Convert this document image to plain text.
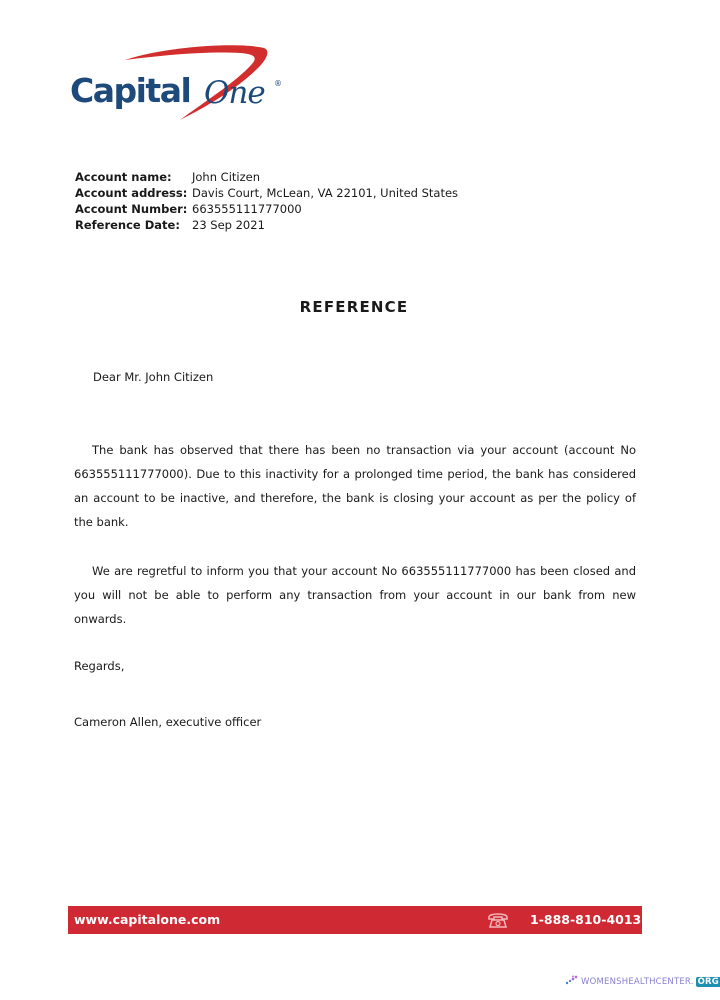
Capital One ®
Account name:	John Citizen
Account address: Davis Court, McLean, VA 22101, United States
Account Number: 663555111777000
Reference Date:	23 Sep 2021
REFERENCE
Dear Mr. John Citizen
The bank has observed that there has been no transaction via your account (account No 663555111777000). Due to this inactivity for a prolonged time period, the bank has considered an account to be inactive, and therefore, the bank is closing your account as per the policy of the bank.
We are regretful to inform you that your account No 663555111777000 has been closed and you will not be able to perform any transaction from your account in our bank from new onwards.
Regards,
Cameron Allen, executive officer
www.capitalone.com	1-888-810-4013
WOMENSHEALTHCENTER. ORG
